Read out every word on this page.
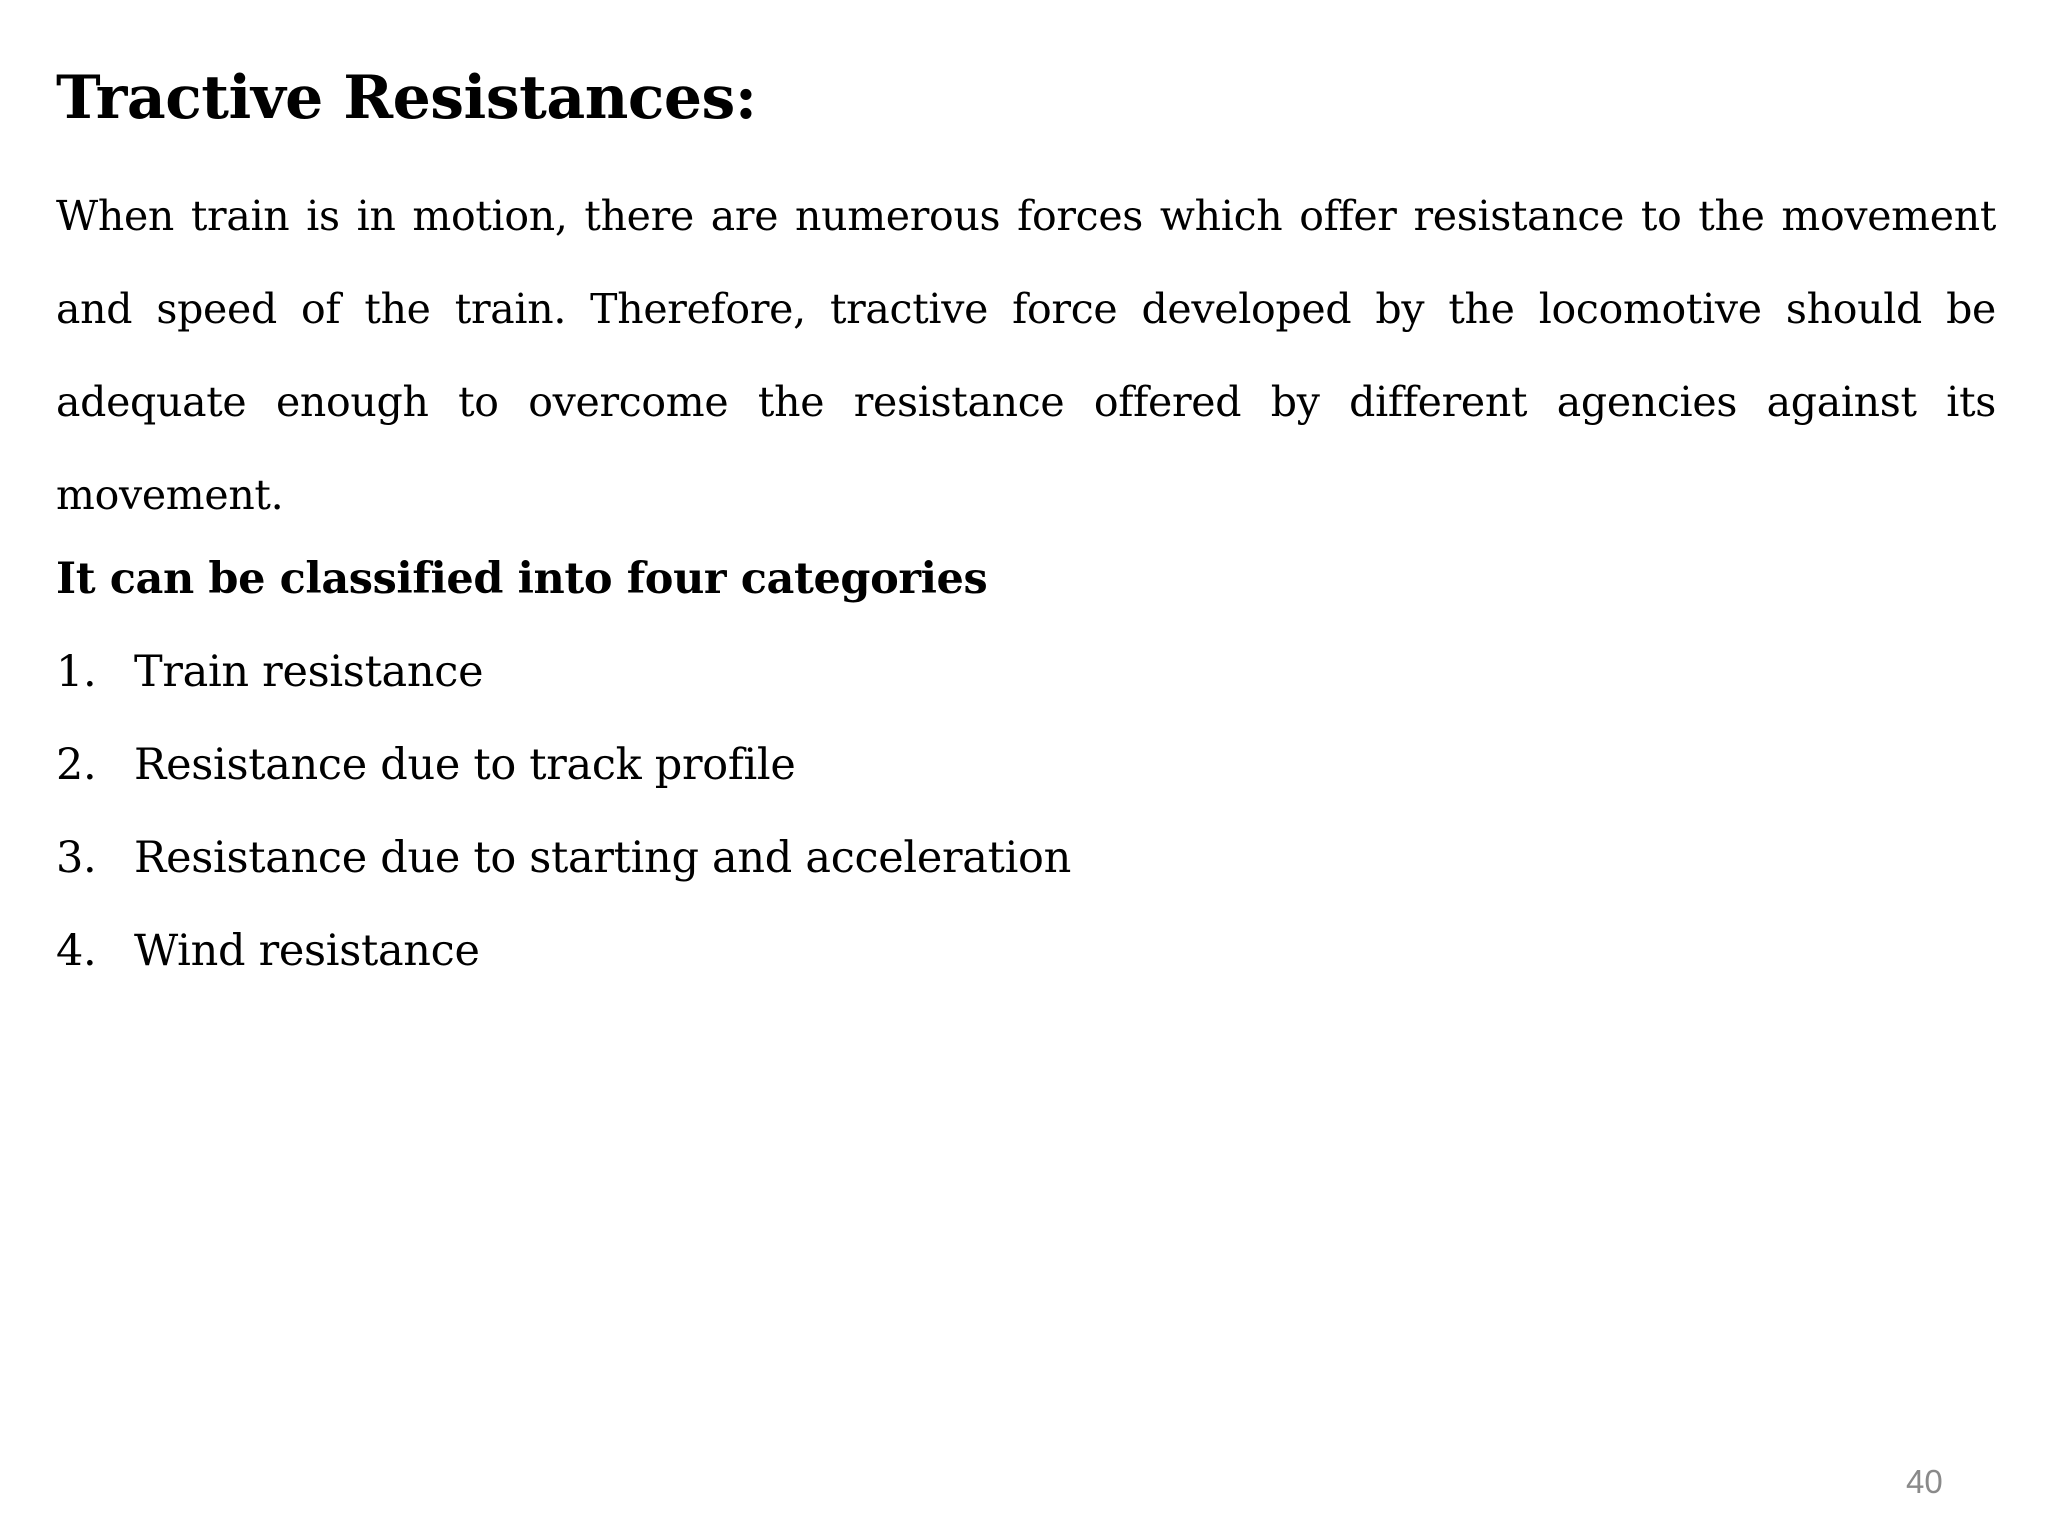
Tractive Resistances:

When train is in motion, there are numerous forces which offer resistance to the movement and speed of the train. Therefore, tractive force developed by the locomotive should be adequate enough to overcome the resistance offered by different agencies against its movement.

It can be classified into four categories

1. Train resistance
2. Resistance due to track profile
3. Resistance due to starting and acceleration
4. Wind resistance
40
